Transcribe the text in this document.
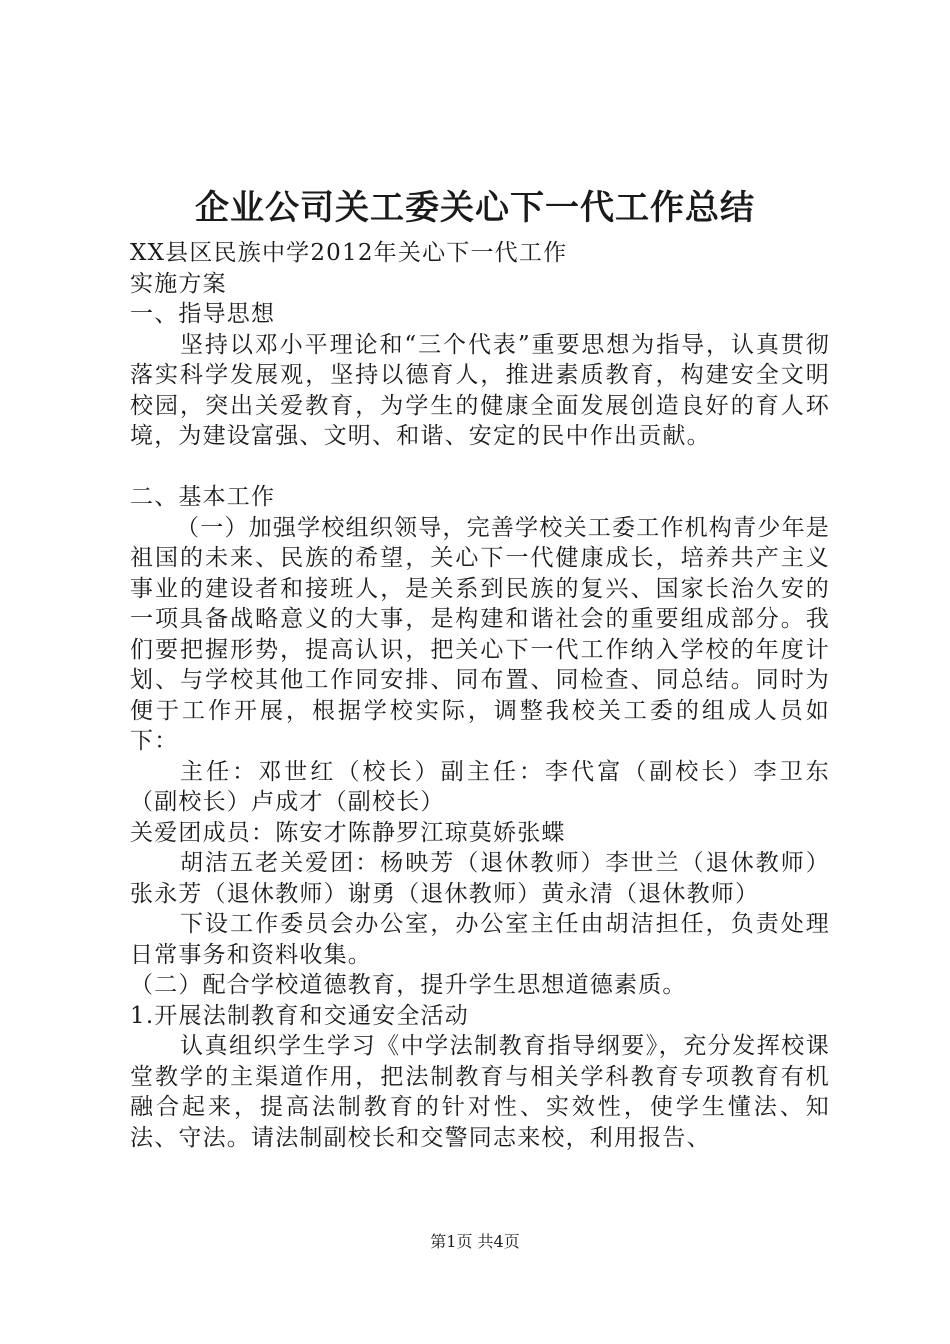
企业公司关工委关心下一代工作总结

XX县区民族中学2012年关心下一代工作

实施方案

一、指导思想

坚持以邓小平理论和“三个代表”重要思想为指导，认真贯彻落实科学发展观，坚持以德育人，推进素质教育，构建安全文明校园，突出关爱教育，为学生的健康全面发展创造良好的育人环境，为建设富强、文明、和谐、安定的民中作出贡献。

二、基本工作

（一）加强学校组织领导，完善学校关工委工作机构青少年是祖国的未来、民族的希望，关心下一代健康成长，培养共产主义事业的建设者和接班人，是关系到民族的复兴、国家长治久安的一项具备战略意义的大事，是构建和谐社会的重要组成部分。我们要把握形势，提高认识，把关心下一代工作纳入学校的年度计划、与学校其他工作同安排、同布置、同检查、同总结。同时为便于工作开展，根据学校实际，调整我校关工委的组成人员如下：

主任：邓世红（校长）副主任：李代富（副校长）李卫东（副校长）卢成才（副校长）

关爱团成员：陈安才陈静罗江琼莫娇张蝶

胡洁五老关爱团：杨映芳（退休教师）李世兰（退休教师）张永芳（退休教师）谢勇（退休教师）黄永清（退休教师）

下设工作委员会办公室，办公室主任由胡洁担任，负责处理日常事务和资料收集。

（二）配合学校道德教育，提升学生思想道德素质。

1.开展法制教育和交通安全活动

认真组织学生学习《中学法制教育指导纲要》，充分发挥校课堂教学的主渠道作用，把法制教育与相关学科教育专项教育有机融合起来，提高法制教育的针对性、实效性，使学生懂法、知法、守法。请法制副校长和交警同志来校，利用报告、

第1页 共4页
